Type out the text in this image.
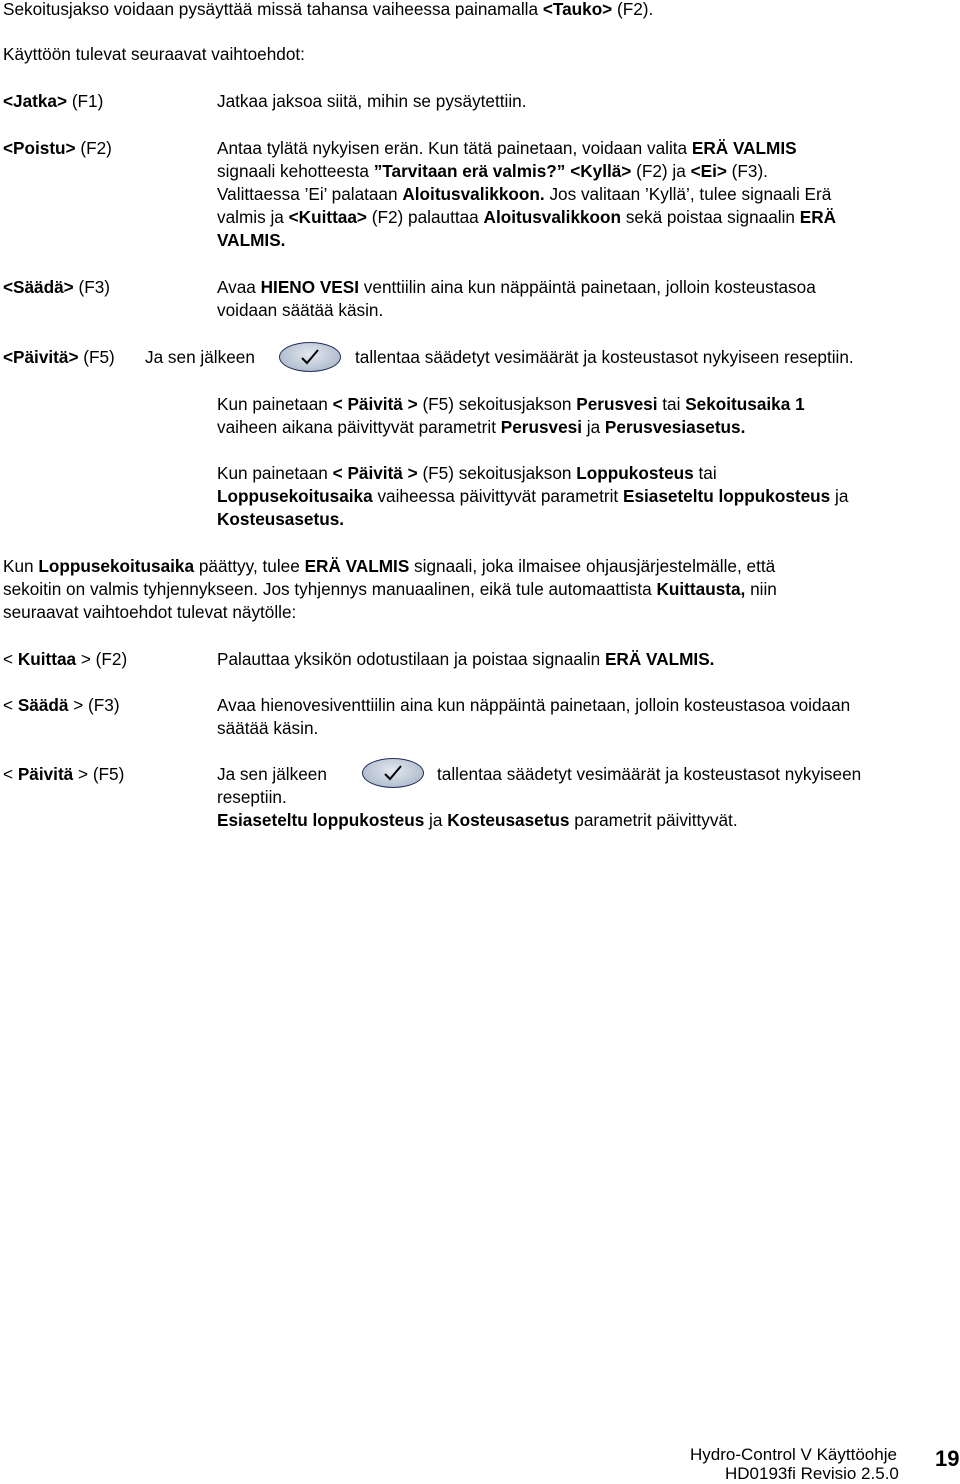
Sekoitusjakso voidaan pysäyttää missä tahansa vaiheessa painamalla <Tauko> (F2).
Käyttöön tulevat seuraavat vaihtoehdot:
<Jatka> (F1)	Jatkaa jaksoa siitä, mihin se pysäytettiin.
<Poistu> (F2)	Antaa tylätä nykyisen erän. Kun tätä painetaan, voidaan valita ERÄ VALMIS
signaali kehotteesta ”Tarvitaan erä valmis?” <Kyllä> (F2) ja <Ei> (F3).
Valittaessa ’Ei’ palataan Aloitusvalikkoon. Jos valitaan ’Kyllä’, tulee signaali Erä
valmis ja <Kuittaa> (F2) palauttaa Aloitusvalikkoon sekä poistaa signaalin ERÄ
VALMIS.
<Säädä> (F3)	Avaa HIENO VESI venttiilin aina kun näppäintä painetaan, jolloin kosteustasoa
voidaan säätää käsin.
<Päivitä> (F5) Ja sen jälkeen	tallentaa säädetyt vesimäärät ja kosteustasot nykyiseen reseptiin.
Kun painetaan < Päivitä > (F5) sekoitusjakson Perusvesi tai Sekoitusaika 1
vaiheen aikana päivittyvät parametrit Perusvesi ja Perusvesiasetus.
Kun painetaan < Päivitä > (F5) sekoitusjakson Loppukosteus tai
Loppusekoitusaika vaiheessa päivittyvät parametrit Esiaseteltu loppukosteus ja
Kosteusasetus.
Kun Loppusekoitusaika päättyy, tulee ERÄ VALMIS signaali, joka ilmaisee ohjausjärjestelmälle, että
sekoitin on valmis tyhjennykseen. Jos tyhjennys manuaalinen, eikä tule automaattista Kuittausta, niin
seuraavat vaihtoehdot tulevat näytölle:
< Kuittaa > (F2)	Palauttaa yksikön odotustilaan ja poistaa signaalin ERÄ VALMIS.
< Säädä > (F3)	Avaa hienovesiventtiilin aina kun näppäintä painetaan, jolloin kosteustasoa voidaan
säätää käsin.
< Päivitä > (F5)	Ja sen jälkeen	tallentaa säädetyt vesimäärät ja kosteustasot nykyiseen
reseptiin.
Esiaseteltu loppukosteus ja Kosteusasetus parametrit päivittyvät.
Hydro-Control V Käyttöohje
HD0193fi Revisio 2.5.0
19
